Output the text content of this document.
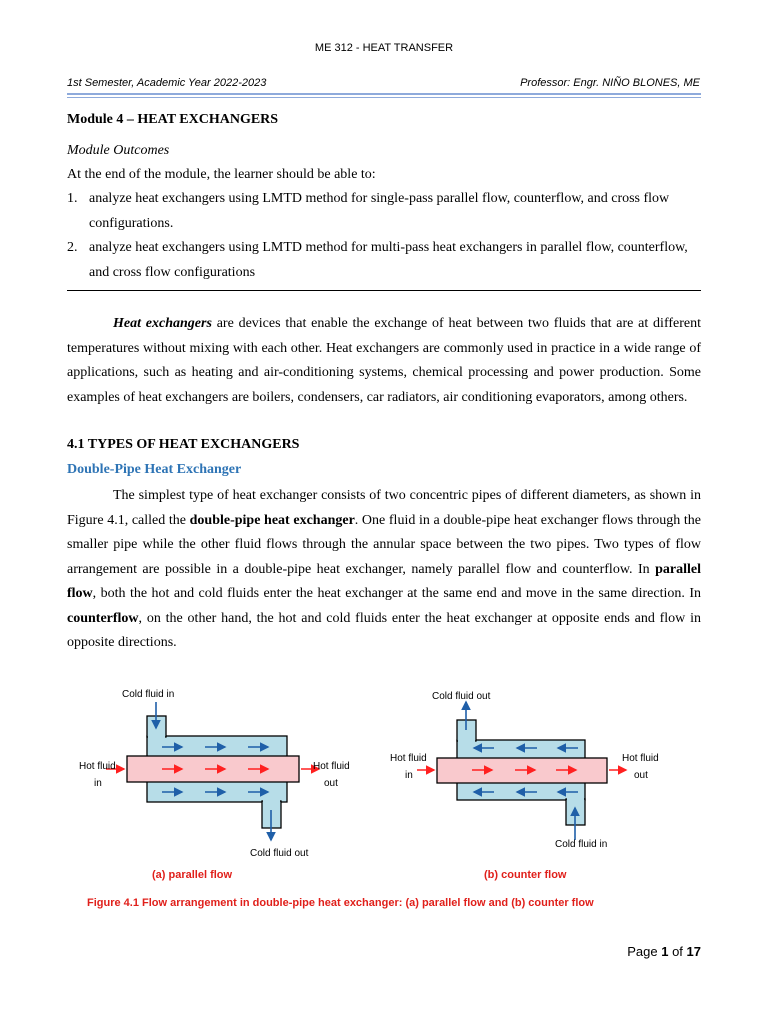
ME 312 - HEAT TRANSFER
1st Semester, Academic Year 2022-2023	Professor: Engr. NIÑO BLONES, ME
Module 4 – HEAT EXCHANGERS
Module Outcomes
At the end of the module, the learner should be able to:
1. analyze heat exchangers using LMTD method for single-pass parallel flow, counterflow, and cross flow configurations.
2. analyze heat exchangers using LMTD method for multi-pass heat exchangers in parallel flow, counterflow, and cross flow configurations
Heat exchangers are devices that enable the exchange of heat between two fluids that are at different temperatures without mixing with each other. Heat exchangers are commonly used in practice in a wide range of applications, such as heating and air-conditioning systems, chemical processing and power production. Some examples of heat exchangers are boilers, condensers, car radiators, air conditioning evaporators, among others.
4.1 TYPES OF HEAT EXCHANGERS
Double-Pipe Heat Exchanger
The simplest type of heat exchanger consists of two concentric pipes of different diameters, as shown in Figure 4.1, called the double-pipe heat exchanger. One fluid in a double-pipe heat exchanger flows through the smaller pipe while the other fluid flows through the annular space between the two pipes. Two types of flow arrangement are possible in a double-pipe heat exchanger, namely parallel flow and counterflow. In parallel flow, both the hot and cold fluids enter the heat exchanger at the same end and move in the same direction. In counterflow, on the other hand, the hot and cold fluids enter the heat exchanger at opposite ends and flow in opposite directions.
Cold fluid in
Cold fluid out
Hot fluid
in
Hot fluid
out
(a) parallel flow
Cold fluid out
Cold fluid in
Hot fluid
in
Hot fluid
out
(b) counter flow
Figure 4.1 Flow arrangement in double-pipe heat exchanger: (a) parallel flow and (b) counter flow
Page 1 of 17
